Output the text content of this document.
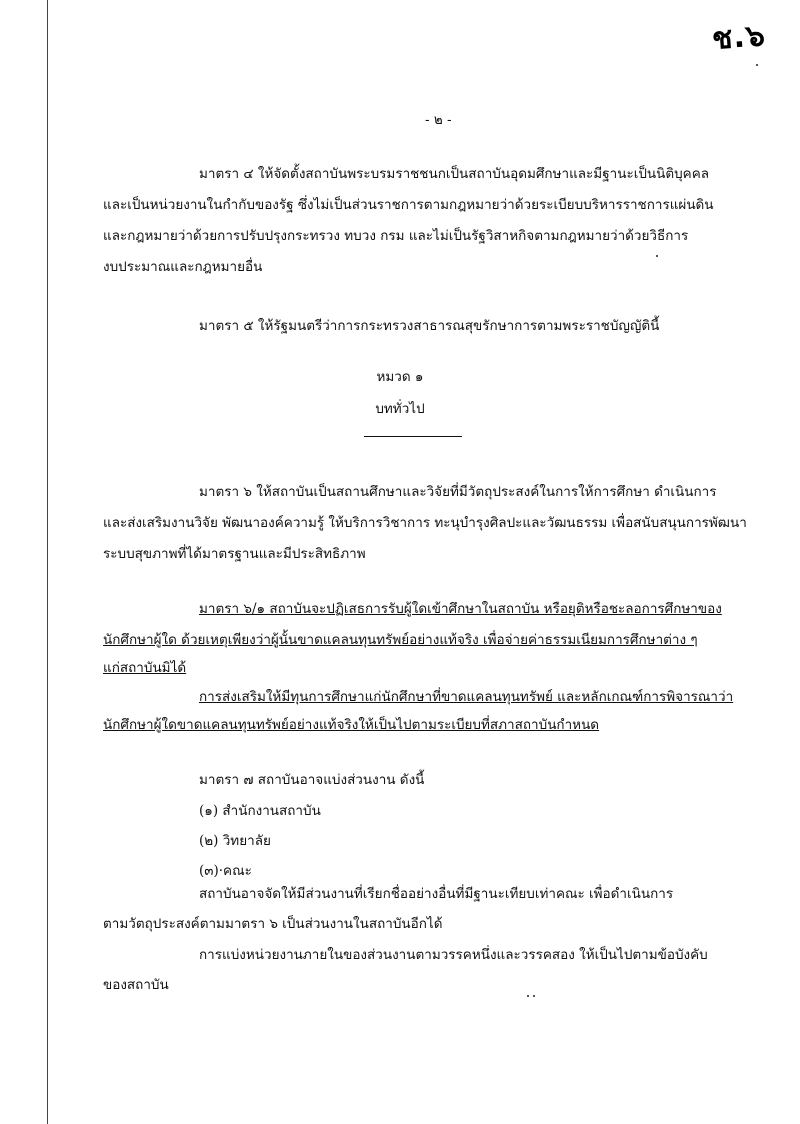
ช.๖
- ๒ -
มาตรา ๔ ให้จัดตั้งสถาบันพระบรมราชชนกเป็นสถาบันอุดมศึกษาและมีฐานะเป็นนิติบุคคล
และเป็นหน่วยงานในกำกับของรัฐ ซึ่งไม่เป็นส่วนราชการตามกฎหมายว่าด้วยระเบียบบริหารราชการแผ่นดิน
และกฎหมายว่าด้วยการปรับปรุงกระทรวง ทบวง กรม และไม่เป็นรัฐวิสาหกิจตามกฎหมายว่าด้วยวิธีการ
งบประมาณและกฎหมายอื่น
มาตรา ๕ ให้รัฐมนตรีว่าการกระทรวงสาธารณสุขรักษาการตามพระราชบัญญัตินี้
หมวด ๑
บททั่วไป
มาตรา ๖ ให้สถาบันเป็นสถานศึกษาและวิจัยที่มีวัตถุประสงค์ในการให้การศึกษา ดำเนินการ
และส่งเสริมงานวิจัย พัฒนาองค์ความรู้ ให้บริการวิชาการ ทะนุบำรุงศิลปะและวัฒนธรรม เพื่อสนับสนุนการพัฒนา
ระบบสุขภาพที่ได้มาตรฐานและมีประสิทธิภาพ
มาตรา ๖/๑ สถาบันจะปฏิเสธการรับผู้ใดเข้าศึกษาในสถาบัน หรือยุติหรือชะลอการศึกษาของ
นักศึกษาผู้ใด ด้วยเหตุเพียงว่าผู้นั้นขาดแคลนทุนทรัพย์อย่างแท้จริง เพื่อจ่ายค่าธรรมเนียมการศึกษาต่าง ๆ
แก่สถาบันมิได้
การส่งเสริมให้มีทุนการศึกษาแก่นักศึกษาที่ขาดแคลนทุนทรัพย์ และหลักเกณฑ์การพิจารณาว่า
นักศึกษาผู้ใดขาดแคลนทุนทรัพย์อย่างแท้จริงให้เป็นไปตามระเบียบที่สภาสถาบันกำหนด
มาตรา ๗ สถาบันอาจแบ่งส่วนงาน ดังนี้
(๑) สำนักงานสถาบัน
(๒) วิทยาลัย
(๓)·คณะ
สถาบันอาจจัดให้มีส่วนงานที่เรียกชื่ออย่างอื่นที่มีฐานะเทียบเท่าคณะ เพื่อดำเนินการ
ตามวัตถุประสงค์ตามมาตรา ๖ เป็นส่วนงานในสถาบันอีกได้
การแบ่งหน่วยงานภายในของส่วนงานตามวรรคหนึ่งและวรรคสอง ให้เป็นไปตามข้อบังคับ
ของสถาบัน
